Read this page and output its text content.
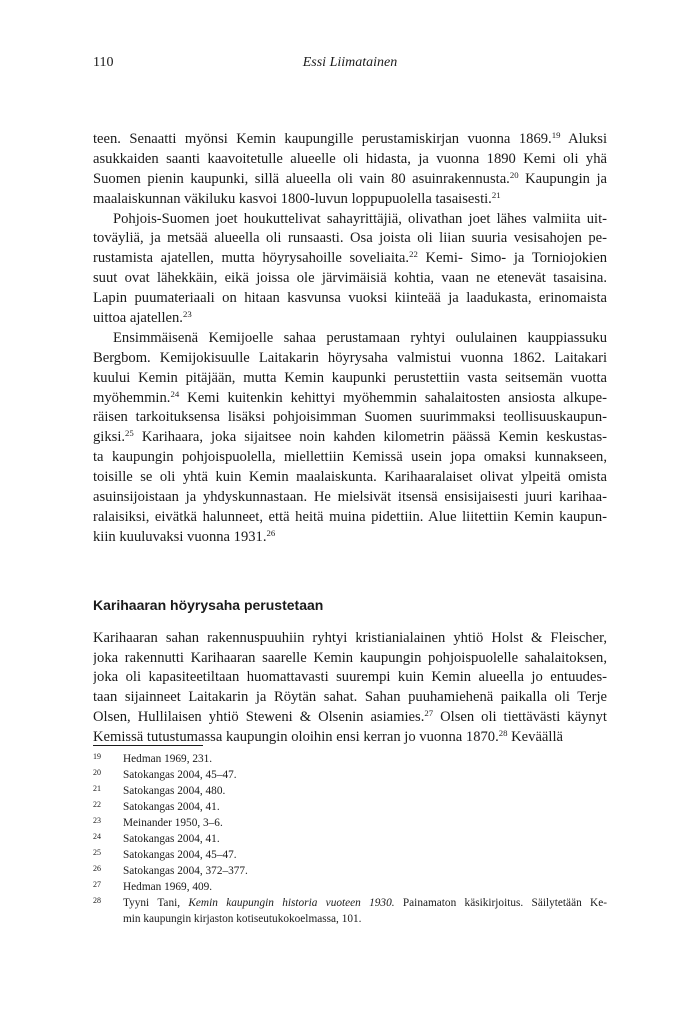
110	Essi Liimatainen
teen. Senaatti myönsi Kemin kaupungille perustamiskirjan vuonna 1869.19 Aluksi
asukkaiden saanti kaavoitetulle alueelle oli hidasta, ja vuonna 1890 Kemi oli yhä
Suomen pienin kaupunki, sillä alueella oli vain 80 asuinrakennusta.$^{20}$ Kaupungin ja
maalaiskunnan väkiluku kasvoi 1800-luvun loppupuolella tasaisesti.$^{21}$
Pohjois-Suomen joet houkuttelivat sahayrittäjiä, olivathan joet lähes valmiita uit-
toväyliä, ja metsää alueella oli runsaasti. Osa joista oli liian suuria vesisahojen pe-
rustamista ajatellen, mutta höyrysahoille soveliaita.$^{22}$ Kemi- Simo- ja Torniojokien
suut ovat lähekkäin, eikä joissa ole järvimäisiä kohtia, vaan ne etenevät tasaisina.
Lapin puumateriaali on hitaan kasvunsa vuoksi kiinteää ja laadukasta, erinomaista
uittoa ajatellen.$^{23}$
Ensimmäisenä Kemijoelle sahaa perustamaan ryhtyi oululainen kauppiassuku
Bergbom. Kemijokisuulle Laitakarin höyrysaha valmistui vuonna 1862. Laitakari
kuului Kemin pitäjään, mutta Kemin kaupunki perustettiin vasta seitsemän vuotta
myöhemmin.$^{24}$ Kemi kuitenkin kehittyi myöhemmin sahalaitosten ansiosta alkupe-
räisen tarkoituksensa lisäksi pohjoisimman Suomen suurimmaksi teollisuuskaupun-
giksi.$^{25}$ Karihaara, joka sijaitsee noin kahden kilometrin päässä Kemin keskustas-
ta kaupungin pohjoispuolella, miellettiin Kemissä usein jopa omaksi kunnakseen,
toisille se oli yhtä kuin Kemin maalaiskunta. Karihaaralaiset olivat ylpeitä omista
asuinsijoistaan ja yhdyskunnastaan. He mielsivät itsensä ensisijaisesti juuri karihaa-
ralaisiksi, eivätkä halunneet, että heitä muina pidettiin. Alue liitettiin Kemin kaupun-
kiin kuuluvaksi vuonna 1931.26
Karihaaran höyrysaha perustetaan
Karihaaran sahan rakennuspuuhiin ryhtyi kristianialainen yhtiö Holst & Fleischer,
joka rakennutti Karihaaran saarelle Kemin kaupungin pohjoispuolelle sahalaitoksen,
joka oli kapasiteetiltaan huomattavasti suurempi kuin Kemin alueella jo entuudes-
taan sijainneet Laitakarin ja Röytän sahat. Sahan puuhamiehenä paikalla oli Terje
Olsen, Hullilaisen yhtiö Steweni & Olsenin asiamies.$^{27}$ Olsen oli tiettävästi käynyt
Kemissä tutustumassa kaupungin oloihin ensi kerran jo vuonna 1870.28 Keväällä
19 Hedman 1969, 231.
20 Satokangas 2004, 45–47.
21 Satokangas 2004, 480.
22 Satokangas 2004, 41.
23 Meinander 1950, 3–6.
24 Satokangas 2004, 41.
25 Satokangas 2004, 45–47.
26 Satokangas 2004, 372–377.
27 Hedman 1969, 409.
28 Tyyni Tani, Kemin kaupungin historia vuoteen 1930. Painamaton käsikirjoitus. Säilytetään Ke-
min kaupungin kirjaston kotiseutukokoelmassa, 101.
